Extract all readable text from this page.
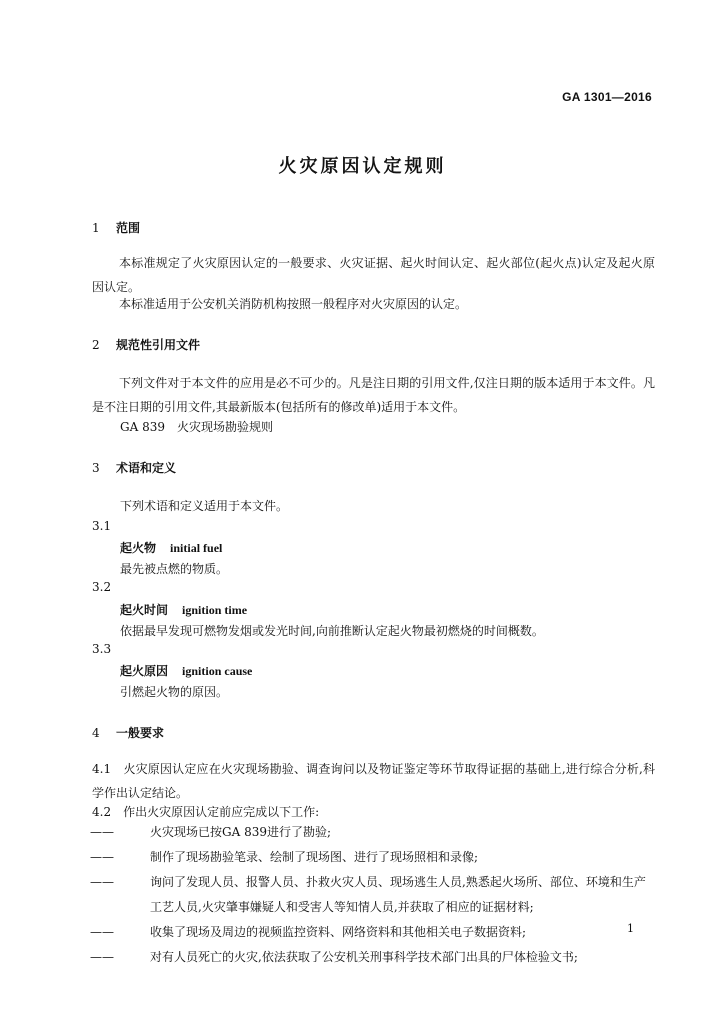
GA 1301—2016
火灾原因认定规则
1 范围
本标准规定了火灾原因认定的一般要求、火灾证据、起火时间认定、起火部位(起火点)认定及起火原因认定。
本标准适用于公安机关消防机构按照一般程序对火灾原因的认定。
2 规范性引用文件
下列文件对于本文件的应用是必不可少的。凡是注日期的引用文件,仅注日期的版本适用于本文件。凡是不注日期的引用文件,其最新版本(包括所有的修改单)适用于本文件。
GA 839　火灾现场勘验规则
3 术语和定义
下列术语和定义适用于本文件。
3.1
起火物 initial fuel
最先被点燃的物质。
3.2
起火时间 ignition time
依据最早发现可燃物发烟或发光时间,向前推断认定起火物最初燃烧的时间概数。
3.3
起火原因 ignition cause
引燃起火物的原因。
4 一般要求
4.1　火灾原因认定应在火灾现场勘验、调查询问以及物证鉴定等环节取得证据的基础上,进行综合分析,科学作出认定结论。
4.2　作出火灾原因认定前应完成以下工作:
——	火灾现场已按GA 839进行了勘验;
——	制作了现场勘验笔录、绘制了现场图、进行了现场照相和录像;
——	询问了发现人员、报警人员、扑救火灾人员、现场逃生人员,熟悉起火场所、部位、环境和生产工艺人员,火灾肇事嫌疑人和受害人等知情人员,并获取了相应的证据材料;
——	收集了现场及周边的视频监控资料、网络资料和其他相关电子数据资料;
——	对有人员死亡的火灾,依法获取了公安机关刑事科学技术部门出具的尸体检验文书;
1
